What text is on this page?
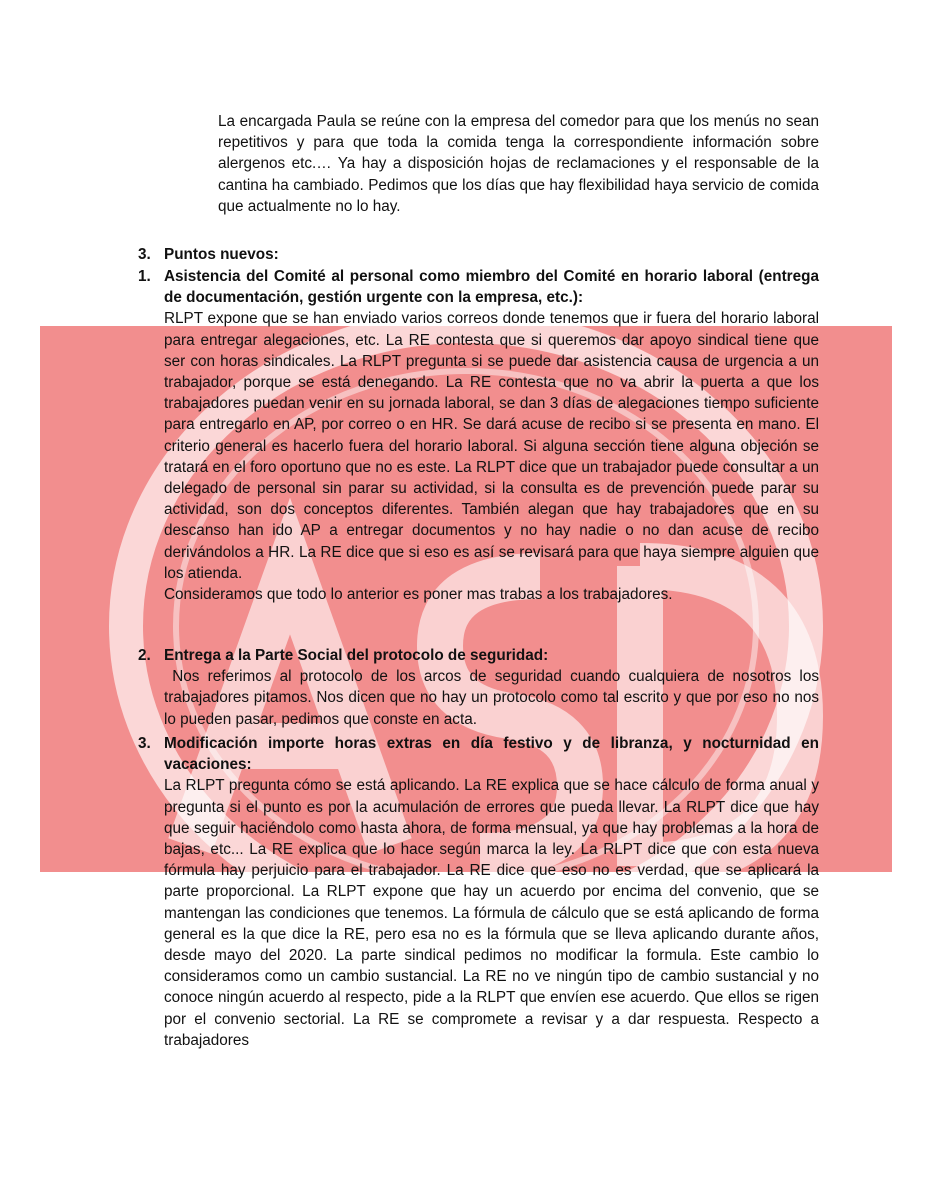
La encargada Paula se reúne con la empresa del comedor para que los menús no sean repetitivos y para que toda la comida tenga la correspondiente información sobre alergenos etc.… Ya hay a disposición hojas de reclamaciones y el responsable de la cantina ha cambiado. Pedimos que los días que hay flexibilidad haya servicio de comida que actualmente no lo hay.

3. Puntos nuevos:
1. Asistencia del Comité al personal como miembro del Comité en horario laboral (entrega de documentación, gestión urgente con la empresa, etc.):

RLPT expone que se han enviado varios correos donde tenemos que ir fuera del horario laboral para entregar alegaciones, etc. La RE contesta que si queremos dar apoyo sindical tiene que ser con horas sindicales. La RLPT pregunta si se puede dar asistencia causa de urgencia a un trabajador, porque se está denegando. La RE contesta que no va abrir la puerta a que los trabajadores puedan venir en su jornada laboral, se dan 3 días de alegaciones tiempo suficiente para entregarlo en AP, por correo o en HR. Se dará acuse de recibo si se presenta en mano. El criterio general es hacerlo fuera del horario laboral. Si alguna sección tiene alguna objeción se tratará en el foro oportuno que no es este. La RLPT dice que un trabajador puede consultar a un delegado de personal sin parar su actividad, si la consulta es de prevención puede parar su actividad, son dos conceptos diferentes. También alegan que hay trabajadores que en su descanso han ido AP a entregar documentos y no hay nadie o no dan acuse de recibo derivándolos a HR. La RE dice que si eso es así se revisará para que haya siempre alguien que los atienda.

Consideramos que todo lo anterior es poner mas trabas a los trabajadores.

2. Entrega a la Parte Social del protocolo de seguridad:

Nos referimos al protocolo de los arcos de seguridad cuando cualquiera de nosotros los trabajadores pitamos. Nos dicen que no hay un protocolo como tal escrito y que por eso no nos lo pueden pasar, pedimos que conste en acta.

3. Modificación importe horas extras en día festivo y de libranza, y nocturnidad en vacaciones:

La RLPT pregunta cómo se está aplicando. La RE explica que se hace cálculo de forma anual y pregunta si el punto es por la acumulación de errores que pueda llevar. La RLPT dice que hay que seguir haciéndolo como hasta ahora, de forma mensual, ya que hay problemas a la hora de bajas, etc... La RE explica que lo hace según marca la ley. La RLPT dice que con esta nueva fórmula hay perjuicio para el trabajador. La RE dice que eso no es verdad, que se aplicará la parte proporcional. La RLPT expone que hay un acuerdo por encima del convenio, que se mantengan las condiciones que tenemos. La fórmula de cálculo que se está aplicando de forma general es la que dice la RE, pero esa no es la fórmula que se lleva aplicando durante años, desde mayo del 2020. La parte sindical pedimos no modificar la formula. Este cambio lo consideramos como un cambio sustancial. La RE no ve ningún tipo de cambio sustancial y no conoce ningún acuerdo al respecto, pide a la RLPT que envíen ese acuerdo. Que ellos se rigen por el convenio sectorial. La RE se compromete a revisar y a dar respuesta. Respecto a trabajadores
